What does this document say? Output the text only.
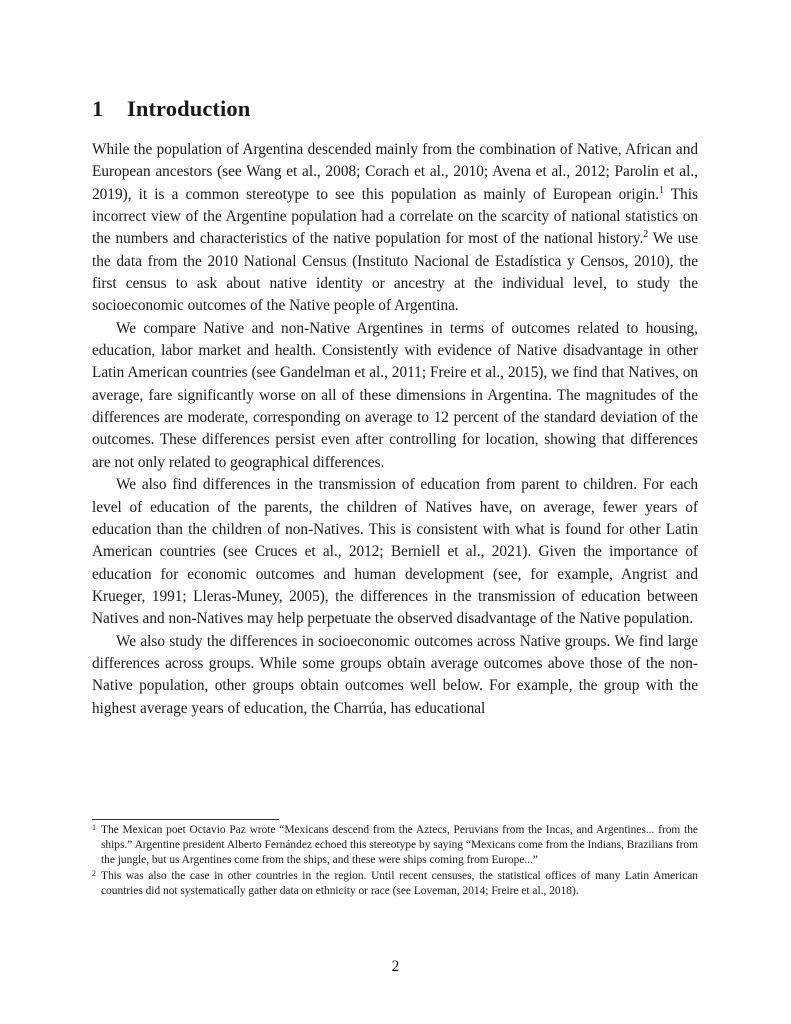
1 Introduction

While the population of Argentina descended mainly from the combination of Native, African and European ancestors (see Wang et al., 2008; Corach et al., 2010; Avena et al., 2012; Parolin et al., 2019), it is a common stereotype to see this population as mainly of European origin.$^1$ This incorrect view of the Argentine population had a correlate on the scarcity of national statistics on the numbers and characteristics of the native population for most of the national history.$^2$ We use the data from the 2010 National Census (Instituto Nacional de Estadística y Censos, 2010), the first census to ask about native identity or ancestry at the individual level, to study the socioeconomic outcomes of the Native people of Argentina.

We compare Native and non-Native Argentines in terms of outcomes related to housing, education, labor market and health. Consistently with evidence of Native disadvantage in other Latin American countries (see Gandelman et al., 2011; Freire et al., 2015), we find that Natives, on average, fare significantly worse on all of these dimensions in Argentina. The magnitudes of the differences are moderate, corresponding on average to 12 percent of the standard deviation of the outcomes. These differences persist even after controlling for location, showing that differences are not only related to geographical differences.

We also find differences in the transmission of education from parent to children. For each level of education of the parents, the children of Natives have, on average, fewer years of education than the children of non-Natives. This is consistent with what is found for other Latin American countries (see Cruces et al., 2012; Berniell et al., 2021). Given the importance of education for economic outcomes and human development (see, for example, Angrist and Krueger, 1991; Lleras-Muney, 2005), the differences in the transmission of education between Natives and non-Natives may help perpetuate the observed disadvantage of the Native population.

We also study the differences in socioeconomic outcomes across Native groups. We find large differences across groups. While some groups obtain average outcomes above those of the non-Native population, other groups obtain outcomes well below. For example, the group with the highest average years of education, the Charrúa, has educational

1 The Mexican poet Octavio Paz wrote “Mexicans descend from the Aztecs, Peruvians from the Incas, and Argentines... from the ships.” Argentine president Alberto Fernández echoed this stereotype by saying “Mexicans come from the Indians, Brazilians from the jungle, but us Argentines come from the ships, and these were ships coming from Europe...”

2 This was also the case in other countries in the region. Until recent censuses, the statistical offices of many Latin American countries did not systematically gather data on ethnicity or race (see Loveman, 2014; Freire et al., 2018).

2
